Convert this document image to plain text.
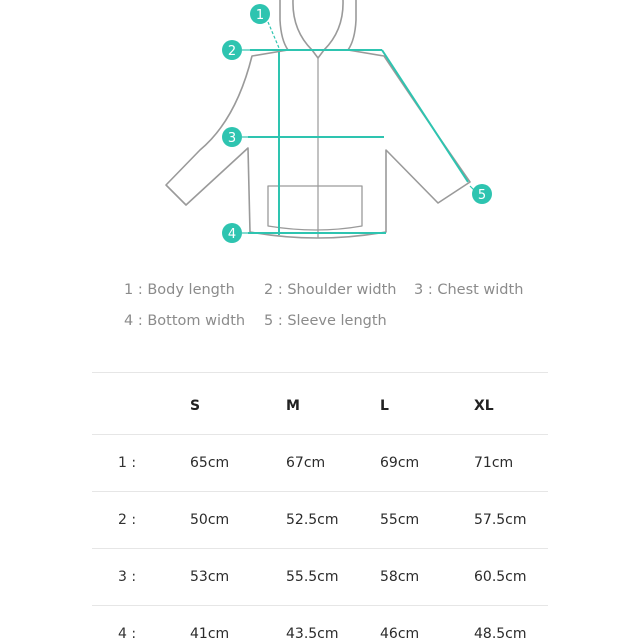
1
2
3
4
5
1 : Body length 2 : Shoulder width 3 : Chest width
4 : Bottom width 5 : Sleeve length
S	M	L	XL
1 :	65cm	67cm	69cm	71cm
2 :	50cm	52.5cm	55cm	57.5cm
3 :	53cm	55.5cm	58cm	60.5cm
4 :	41cm	43.5cm	46cm	48.5cm
